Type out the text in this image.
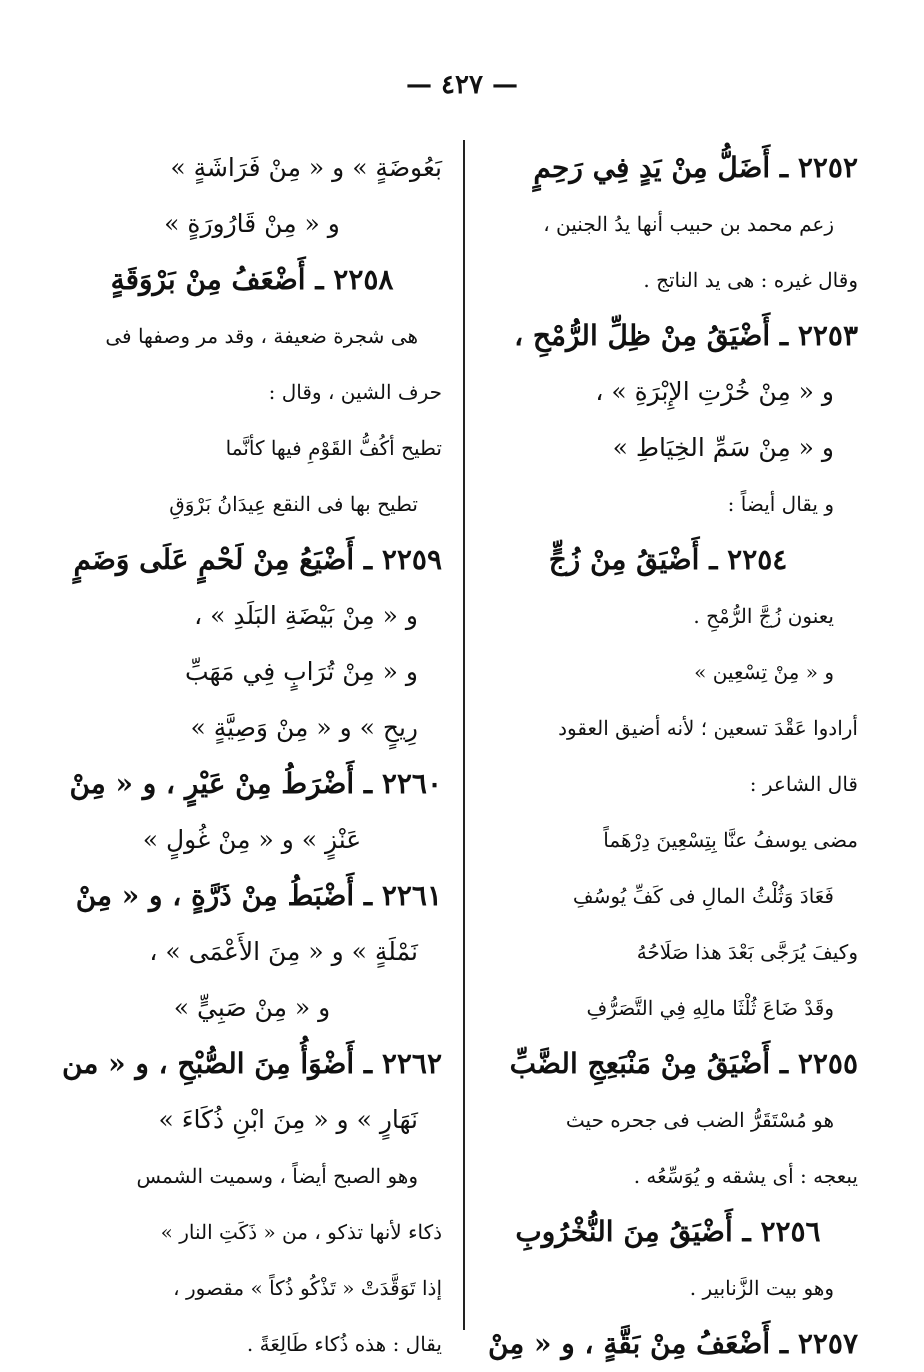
— ٤٢٧ —
٢٢٥٢ ـ أَضَلُّ مِنْ يَدٍ فِي رَحِمٍ
زعم محمد بن حبيب أنها يدُ الجنين ،
وقال غيره : هى يد الناتج .
٢٢٥٣ ـ أَضْيَقُ مِنْ ظِلِّ الرُّمْحِ ،
و « مِنْ خُرْتِ الإِبْرَةِ » ،
و « مِنْ سَمِّ الخِيَاطِ »
و يقال أيضاً :
٢٢٥٤ ـ أَضْيَقُ مِنْ زُجٍّ
يعنون زُجَّ الرُّمْحِ .
و « مِنْ تِسْعِين »
أرادوا عَقْدَ تسعين ؛ لأنه أضيق العقود
قال الشاعر :
مضى يوسفُ عنَّا بِتِسْعِينَ دِرْهَماً
فَعَادَ وَثُلْثُ المالِ فى كَفِّ يُوسُفِ
وكيفَ يُرَجَّى بَعْدَ هذا صَلَاحُهُ
وقَدْ ضَاعَ ثُلْثَا مالِهِ فِي التَّصَرُّفِ
٢٢٥٥ ـ أَضْيَقُ مِنْ مَنْبَعِجِ الضَّبِّ
هو مُسْتَقَرُّ الضب فى جحره حيث
يبعجه : أى يشقه و يُوَسِّعُه .
٢٢٥٦ ـ أَضْيَقُ مِنَ النُّخْرُوبِ
وهو بيت الزَّنابير .
٢٢٥٧ ـ أَضْعَفُ مِنْ بَقَّةٍ ، و « مِنْ
بَعُوضَةٍ » و « مِنْ فَرَاشَةٍ »
و « مِنْ قَارُورَةٍ »
٢٢٥٨ ـ أَضْعَفُ مِنْ بَرْوَقَةٍ
هى شجرة ضعيفة ، وقد مر وصفها فى
حرف الشين ، وقال :
تطيح أكُفُّ القَوْمِ فيها كأنَّما
تطيح بها فى النقع عِيدَانُ بَرْوَقِ
٢٢٥٩ ـ أَضْيَعُ مِنْ لَحْمٍ عَلَى وَضَمٍ
و « مِنْ بَيْضَةِ البَلَدِ » ،
و « مِنْ تُرَابٍ فِي مَهَبِّ
رِيحٍ » و « مِنْ وَصِيَّةٍ »
٢٢٦٠ ـ أَضْرَطُ مِنْ عَيْرٍ ، و « مِنْ
عَنْزٍ » و « مِنْ غُولٍ »
٢٢٦١ ـ أَضْبَطُ مِنْ ذَرَّةٍ ، و « مِنْ
نَمْلَةٍ » و « مِنَ الأَعْمَى » ،
و « مِنْ صَبِيٍّ »
٢٢٦٢ ـ أَضْوَأُ مِنَ الصُّبْحِ ، و « من
نَهَارٍ » و « مِنَ ابْنِ ذُكَاءَ »
وهو الصبح أيضاً ، وسميت الشمس
ذكاء لأنها تذكو ، من « ذَكَتِ النار »
إذا تَوَقَّدَتْ « تَذْكُو ذُكاً » مقصور ،
يقال : هذه ذُكاء طَالِعَةً .
